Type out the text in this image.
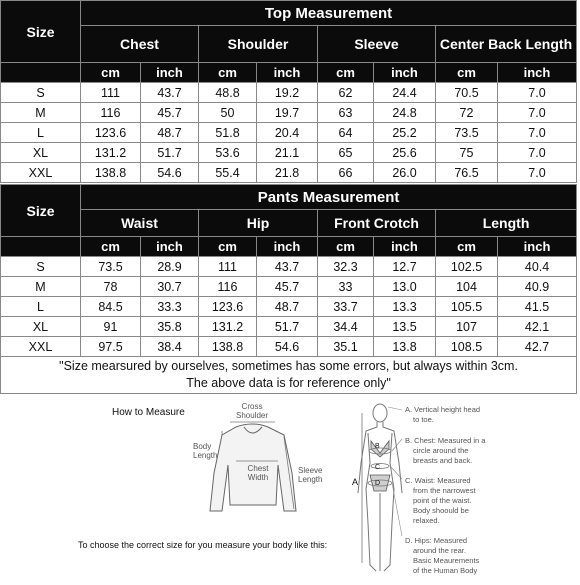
Size	Top Measurement							
	Chest		Shoulder		Sleeve		Center Back Length	
	cm	inch	cm	inch	cm	inch	cm	inch
S	111	43.7	48.8	19.2	62	24.4	70.5	7.0
M	116	45.7	50	19.7	63	24.8	72	7.0
L	123.6	48.7	51.8	20.4	64	25.2	73.5	7.0
XL	131.2	51.7	53.6	21.1	65	25.6	75	7.0
XXL	138.8	54.6	55.4	21.8	66	26.0	76.5	7.0
Size	Pants Measurement							
	Waist		Hip		Front Crotch		Length	
	cm	inch	cm	inch	cm	inch	cm	inch
S	73.5	28.9	111	43.7	32.3	12.7	102.5	40.4
M	78	30.7	116	45.7	33	13.0	104	40.9
L	84.5	33.3	123.6	48.7	33.7	13.3	105.5	41.5
XL	91	35.8	131.2	51.7	34.4	13.5	107	42.1
XXL	97.5	38.4	138.8	54.6	35.1	13.8	108.5	42.7

"Size mearsured by ourselves, sometimes has some errors, but always within 3cm.
The above data is for reference only"								
How to Measure
Cross
Shoulder
Body
Length
Chest
Width
Sleeve
Length
To choose the correct size for you measure your body like this:
A
B
C
D
A. Vertical height head
to toe.
B. Chest: Measured in a
circle around the
breasts and back.
C. Waist: Measured
from the narrowest
point of the waist.
Body shoould be
relaxed.
D. Hips: Measured
around the rear.
Basic Meaurements
of the Human Body
